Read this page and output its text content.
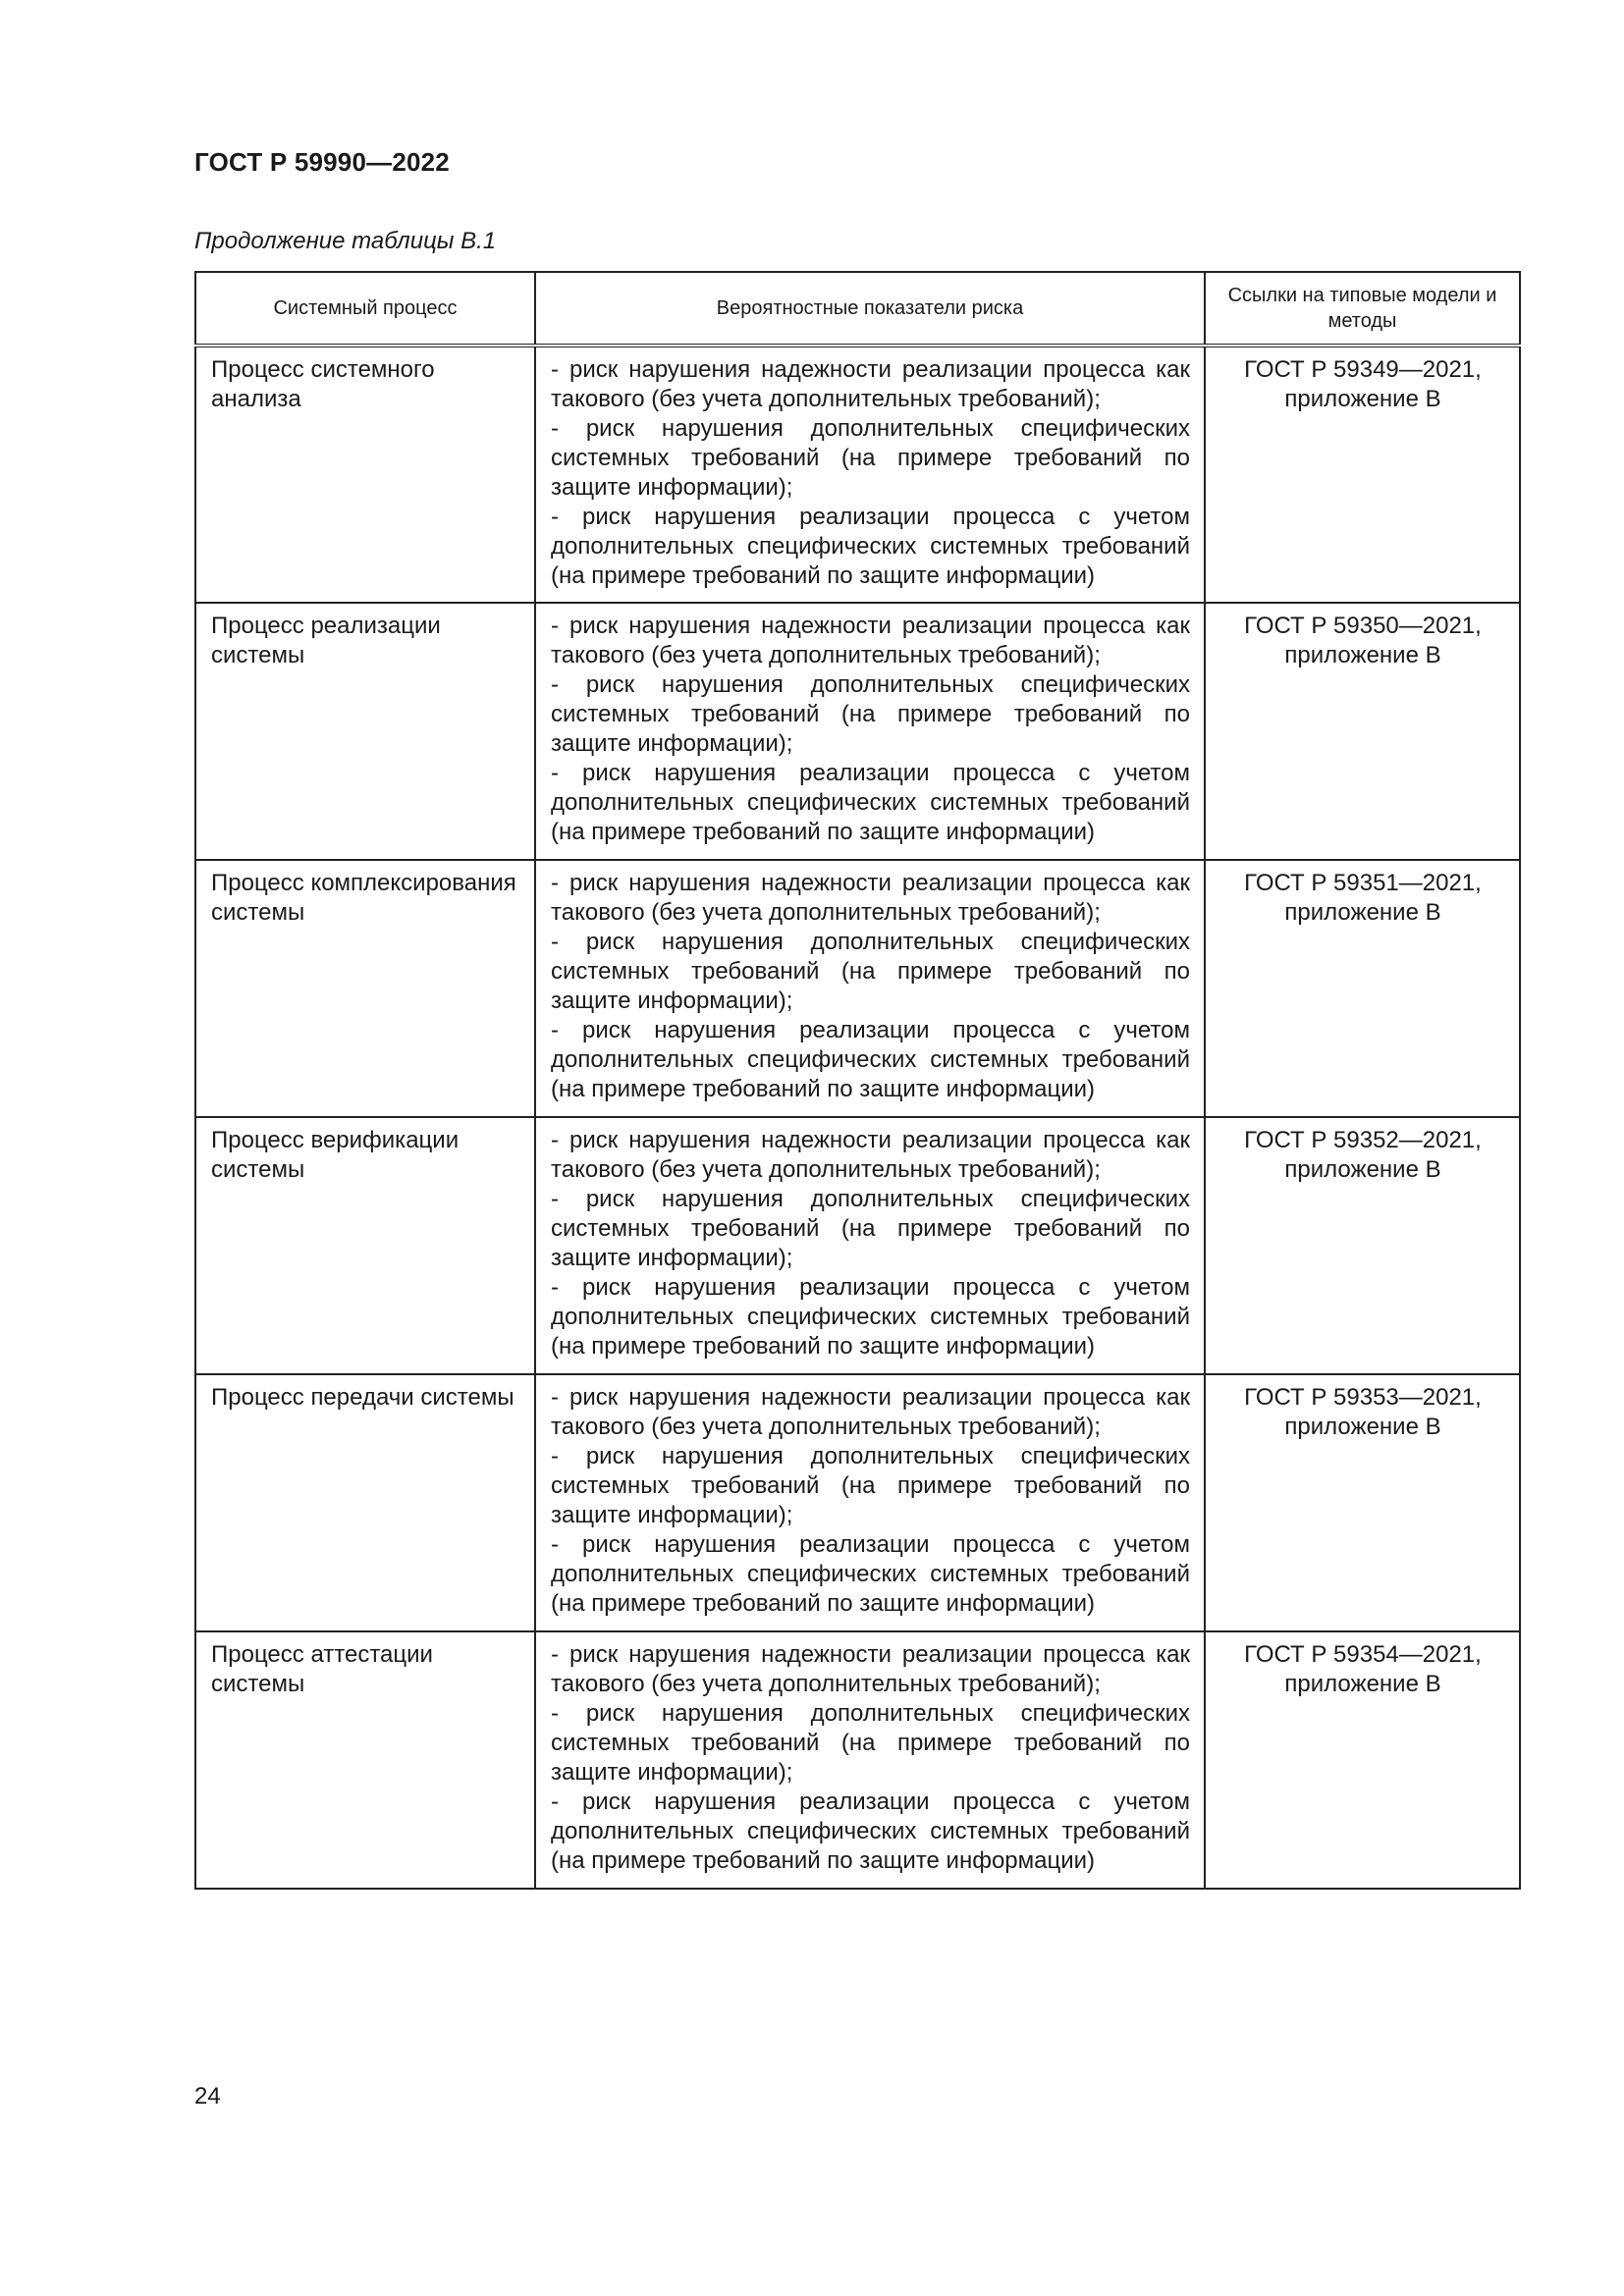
ГОСТ Р 59990—2022
Продолжение таблицы В.1
Системный процесс	Вероятностные показатели риска	Ссылки на типовые модели и методы
Процесс системного анализа	- риск нарушения надежности реализации процесса как такового (без учета дополнительных требований);
- риск нарушения дополнительных специфических системных требований (на примере требований по защите информации);
- риск нарушения реализации процесса с учетом дополнительных специфических системных требований (на примере требований по защите информации)	ГОСТ Р 59349—2021, приложение В
Процесс реализации системы	- риск нарушения надежности реализации процесса как такового (без учета дополнительных требований);
- риск нарушения дополнительных специфических системных требований (на примере требований по защите информации);
- риск нарушения реализации процесса с учетом дополнительных специфических системных требований (на примере требований по защите информации)	ГОСТ Р 59350—2021, приложение В
Процесс комплексирования системы	- риск нарушения надежности реализации процесса как такового (без учета дополнительных требований);
- риск нарушения дополнительных специфических системных требований (на примере требований по защите информации);
- риск нарушения реализации процесса с учетом дополнительных специфических системных требований (на примере требований по защите информации)	ГОСТ Р 59351—2021, приложение В
Процесс верификации системы	- риск нарушения надежности реализации процесса как такового (без учета дополнительных требований);
- риск нарушения дополнительных специфических системных требований (на примере требований по защите информации);
- риск нарушения реализации процесса с учетом дополнительных специфических системных требований (на примере требований по защите информации)	ГОСТ Р 59352—2021, приложение В
Процесс передачи системы	- риск нарушения надежности реализации процесса как такового (без учета дополнительных требований);
- риск нарушения дополнительных специфических системных требований (на примере требований по защите информации);
- риск нарушения реализации процесса с учетом дополнительных специфических системных требований (на примере требований по защите информации)	ГОСТ Р 59353—2021, приложение В
Процесс аттестации системы	- риск нарушения надежности реализации процесса как такового (без учета дополнительных требований);
- риск нарушения дополнительных специфических системных требований (на примере требований по защите информации);
- риск нарушения реализации процесса с учетом дополнительных специфических системных требований (на примере требований по защите информации)	ГОСТ Р 59354—2021, приложение В
24
